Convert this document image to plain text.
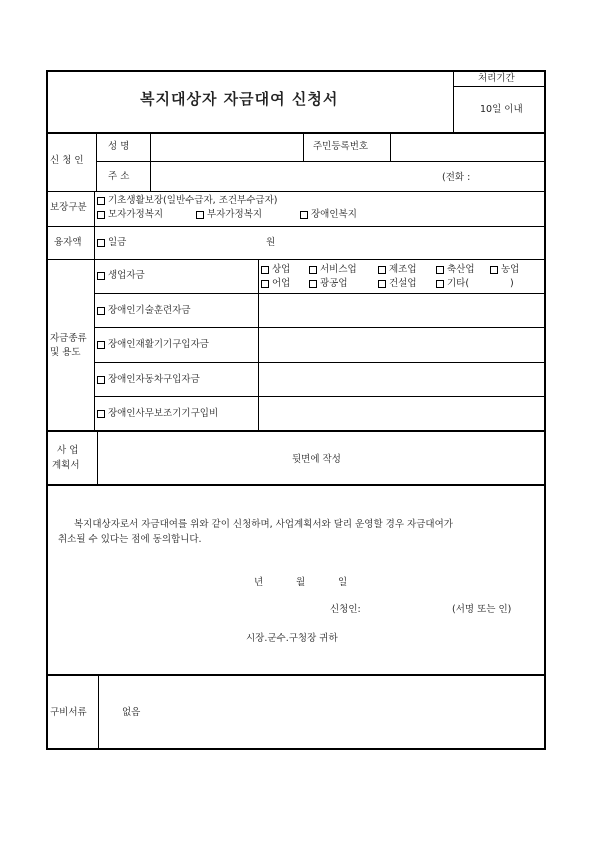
복지대상자 자금대여 신청서
처리기간
10일 이내
신 청 인
성 명	주민등록번호
주 소	(전화 :
보장구분
기초생활보장(일반수급자, 조건부수급자)
모자가정복지	부자가정복지	장애인복지
융자액	일금	원
자금종류
및 용도
생업자금
상업	서비스업	제조업	축산업	농업
어업	광공업	건설업	기타(	)
장애인기술훈련자금
장애인재활기기구입자금
장애인자동차구입자금
장애인사무보조기기구입비
사 업
계획서
뒷면에 작성
복지대상자로서 자금대여를 위와 같이 신청하며, 사업계획서와 달리 운영할 경우 자금대여가
취소될 수 있다는 점에 동의합니다.
년	월	일
신청인:	(서명 또는 인)
시장.군수.구청장 귀하
구비서류	없음
